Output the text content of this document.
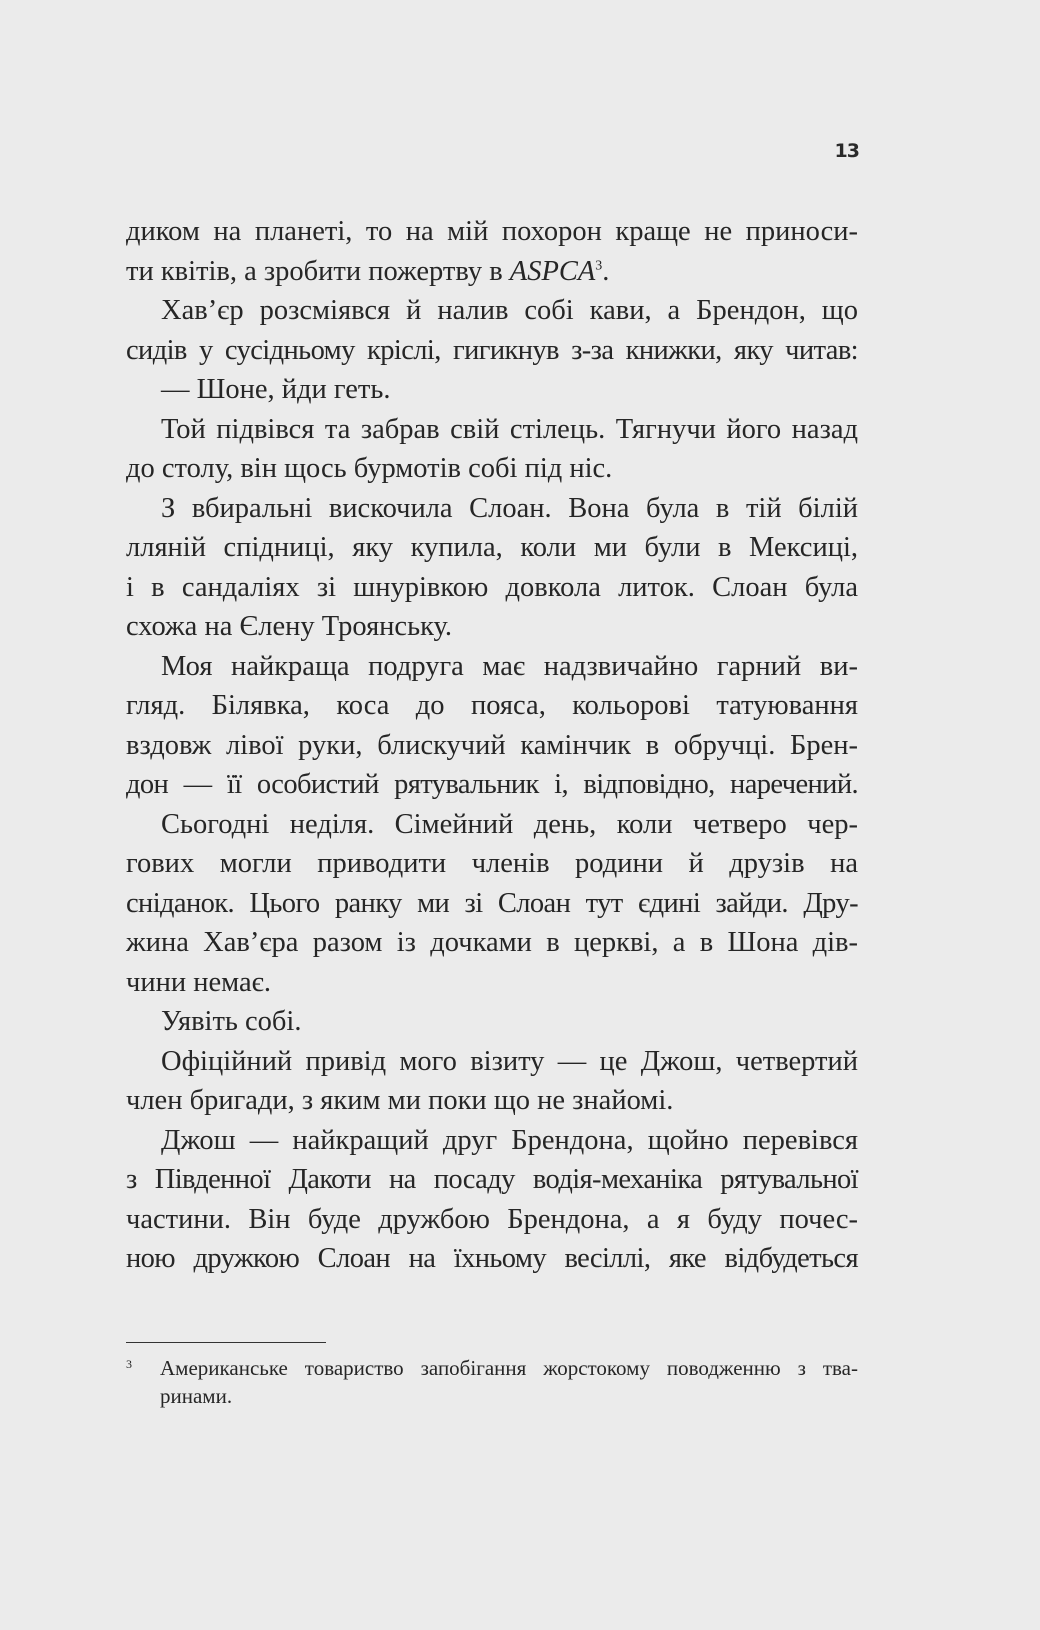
13
диком на планеті, то на мій похорон краще не приноси-
ти квітів, а зробити пожертву в ASPCA$^3$.
Хав’єр розсміявся й налив собі кави, а Брендон, що
сидів у сусідньому кріслі, гигикнув з-за книжки, яку читав:
— Шоне, йди геть.
Той підвівся та забрав свій стілець. Тягнучи його назад
до столу, він щось бурмотів собі під ніс.
З вбиральні вискочила Слоан. Вона була в тій білій
лляній спідниці, яку купила, коли ми були в Мексиці,
і в сандаліях зі шнурівкою довкола литок. Слоан була
схожа на Єлену Троянську.
Моя найкраща подруга має надзвичайно гарний ви-
гляд. Білявка, коса до пояса, кольорові татуювання
вздовж лівої руки, блискучий камінчик в обручці. Брен-
дон — її особистий рятувальник і, відповідно, наречений.
Сьогодні неділя. Сімейний день, коли четверо чер-
гових могли приводити членів родини й друзів на
сніданок. Цього ранку ми зі Слоан тут єдині зайди. Дру-
жина Хав’єра разом із дочками в церкві, а в Шона дів-
чини немає.
Уявіть собі.
Офіційний привід мого візиту — це Джош, четвертий
член бригади, з яким ми поки що не знайомі.
Джош — найкращий друг Брендона, щойно перевівся
з Південної Дакоти на посаду водія-механіка рятувальної
частини. Він буде дружбою Брендона, а я буду почес-
ною дружкою Слоан на їхньому весіллі, яке відбудеться
3	Американське товариство запобігання жорстокому поводженню з тва-
ринами.
